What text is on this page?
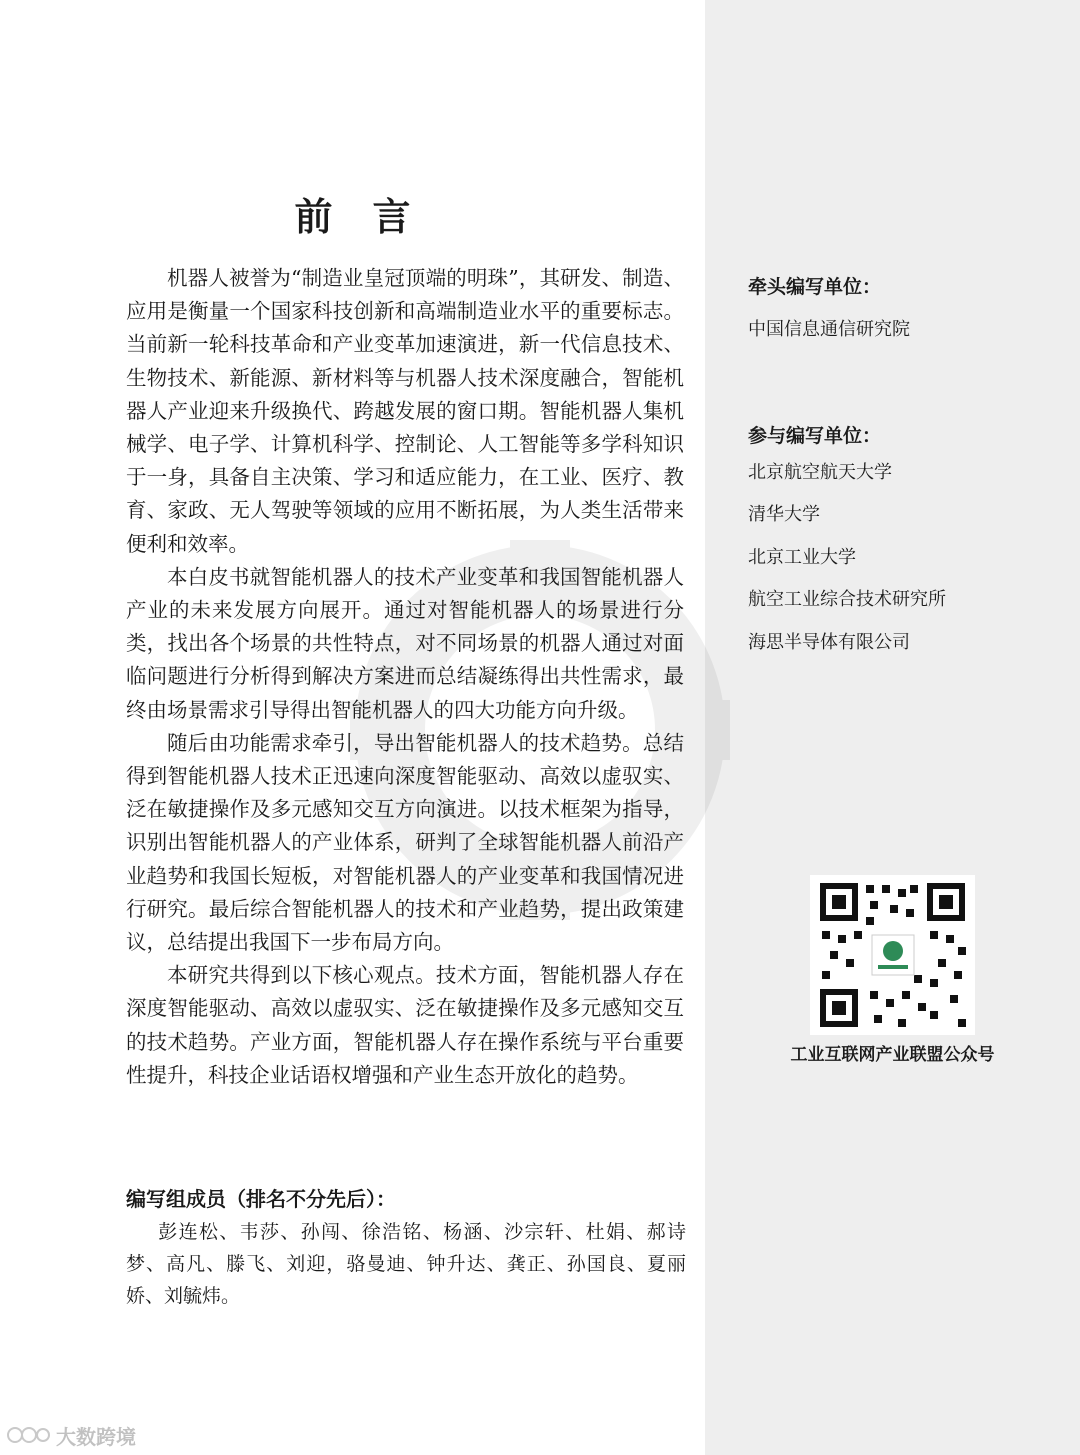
前言

机器人被誉为“制造业皇冠顶端的明珠”，其研发、制造、应用是衡量一个国家科技创新和高端制造业水平的重要标志。当前新一轮科技革命和产业变革加速演进，新一代信息技术、生物技术、新能源、新材料等与机器人技术深度融合，智能机器人产业迎来升级换代、跨越发展的窗口期。智能机器人集机械学、电子学、计算机科学、控制论、人工智能等多学科知识于一身，具备自主决策、学习和适应能力，在工业、医疗、教育、家政、无人驾驶等领域的应用不断拓展，为人类生活带来便利和效率。

本白皮书就智能机器人的技术产业变革和我国智能机器人产业的未来发展方向展开。通过对智能机器人的场景进行分类，找出各个场景的共性特点，对不同场景的机器人通过对面临问题进行分析得到解决方案进而总结凝练得出共性需求，最终由场景需求引导得出智能机器人的四大功能方向升级。

随后由功能需求牵引，导出智能机器人的技术趋势。总结得到智能机器人技术正迅速向深度智能驱动、高效以虚驭实、泛在敏捷操作及多元感知交互方向演进。以技术框架为指导，识别出智能机器人的产业体系，研判了全球智能机器人前沿产业趋势和我国长短板，对智能机器人的产业变革和我国情况进行研究。最后综合智能机器人的技术和产业趋势，提出政策建议，总结提出我国下一步布局方向。

本研究共得到以下核心观点。技术方面，智能机器人存在深度智能驱动、高效以虚驭实、泛在敏捷操作及多元感知交互的技术趋势。产业方面，智能机器人存在操作系统与平台重要性提升，科技企业话语权增强和产业生态开放化的趋势。

编写组成员（排名不分先后）：

彭连松、韦莎、孙闯、徐浩铭、杨涵、沙宗轩、杜娟、郝诗梦、高凡、滕飞、刘迎，骆曼迪、钟升达、龚正、孙国良、夏丽娇、刘毓炜。

牵头编写单位：
中国信息通信研究院
参与编写单位：
北京航空航天大学
清华大学
北京工业大学
航空工业综合技术研究所
海思半导体有限公司
工业互联网产业联盟公众号
大数跨境
